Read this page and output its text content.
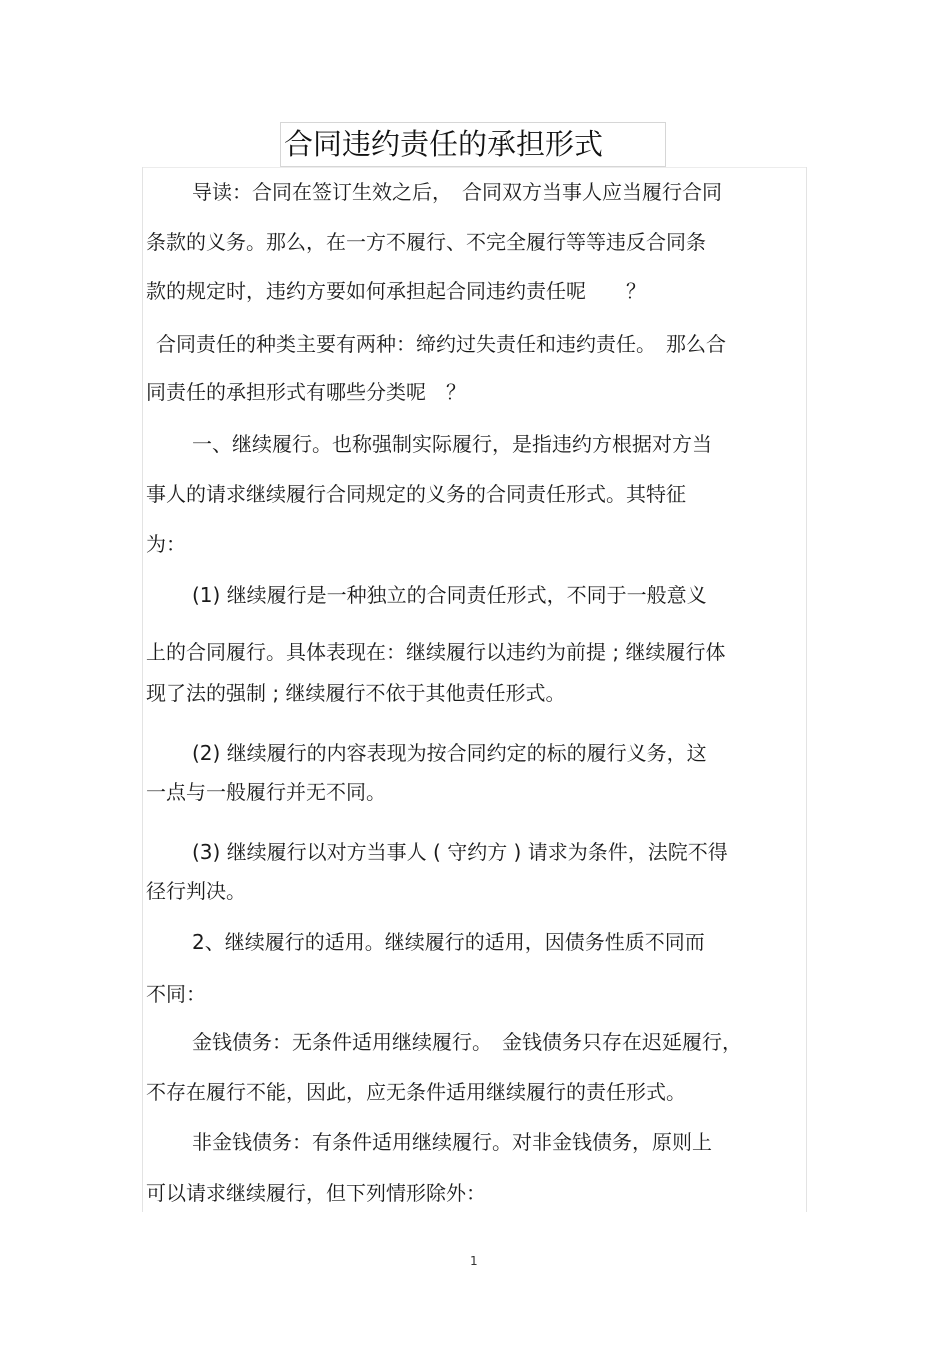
合同违约责任的承担形式
导读：合同在签订生效之后，　合同双方当事人应当履行合同
条款的义务。那么，在一方不履行、不完全履行等等违反合同条
款的规定时，违约方要如何承担起合同违约责任呢　　？
合同责任的种类主要有两种：缔约过失责任和违约责任。　那么合
同责任的承担形式有哪些分类呢　？
一、继续履行。也称强制实际履行，是指违约方根据对方当
事人的请求继续履行合同规定的义务的合同责任形式。其特征
为：
(1) 继续履行是一种独立的合同责任形式，不同于一般意义
上的合同履行。具体表现在：继续履行以违约为前提 ; 继续履行体
现了法的强制 ; 继续履行不依于其他责任形式。
(2) 继续履行的内容表现为按合同约定的标的履行义务，这
一点与一般履行并无不同。
(3) 继续履行以对方当事人 ( 守约方 ) 请求为条件，法院不得
径行判决。
2、继续履行的适用。继续履行的适用，因债务性质不同而
不同：
金钱债务：无条件适用继续履行。　金钱债务只存在迟延履行，
不存在履行不能，因此，应无条件适用继续履行的责任形式。
非金钱债务：有条件适用继续履行。对非金钱债务，原则上
可以请求继续履行，但下列情形除外：
1
